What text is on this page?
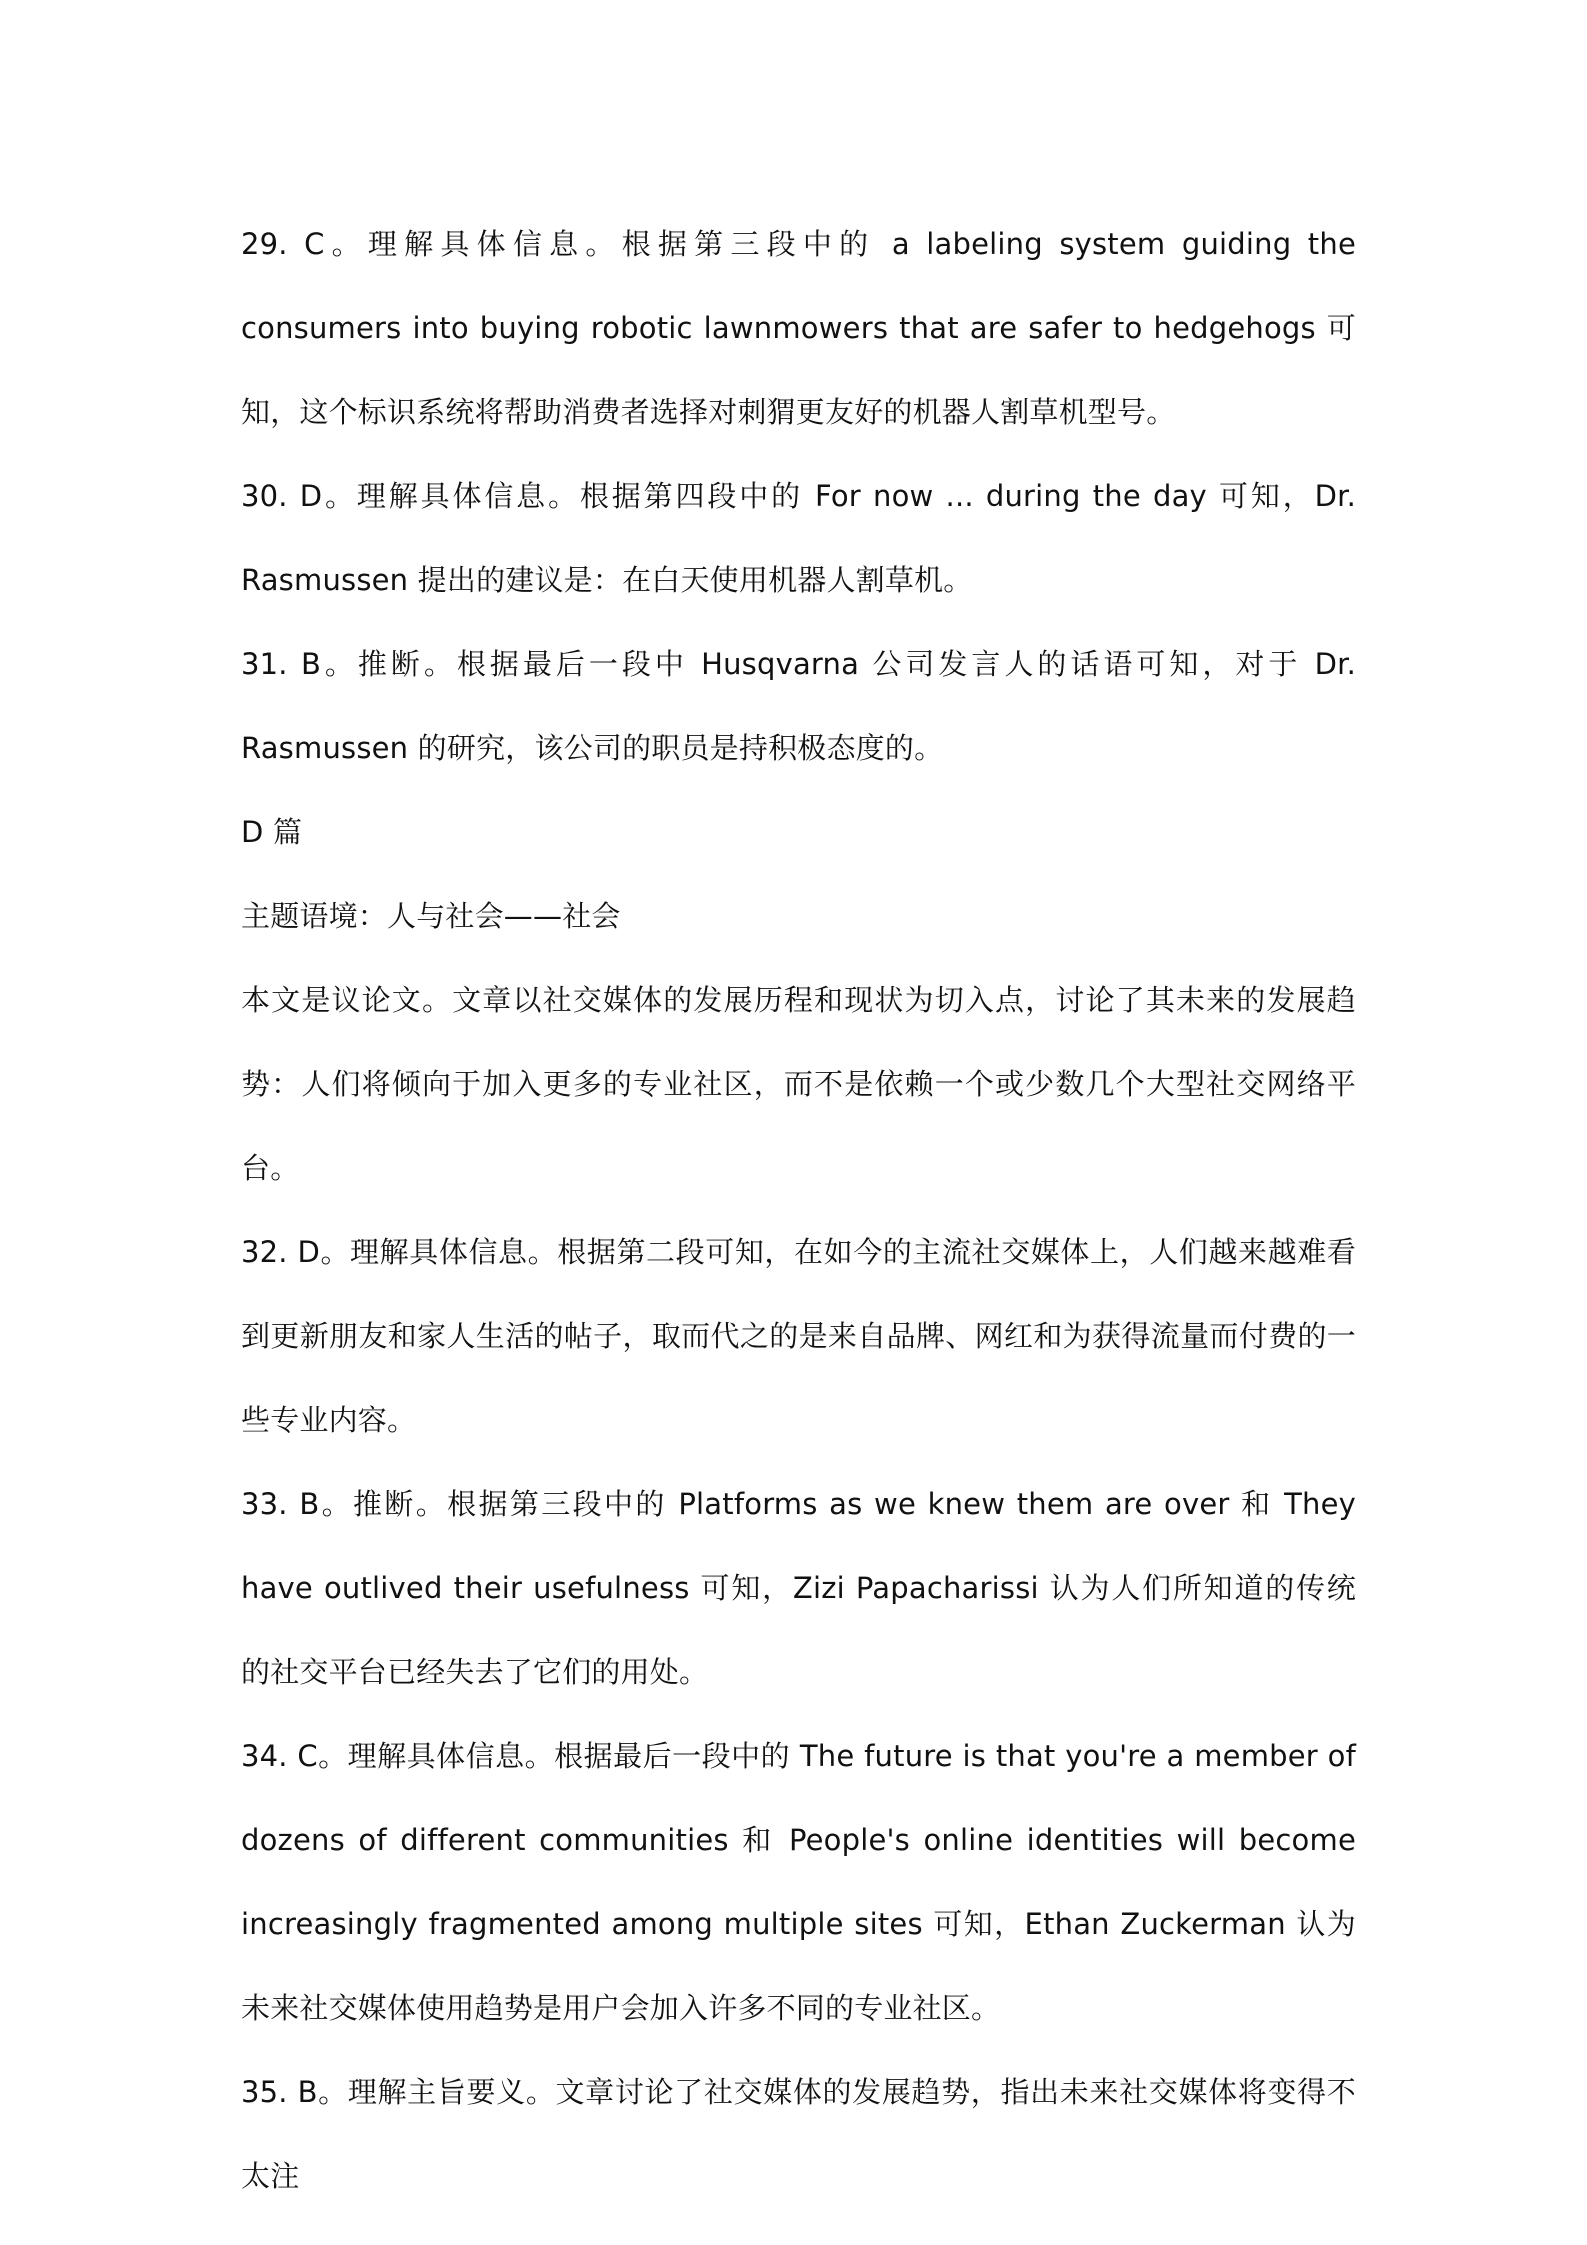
29. C。理解具体信息。根据第三段中的 a labeling system guiding the consumers into buying robotic lawnmowers that are safer to hedgehogs 可知，这个标识系统将帮助消费者选择对刺猬更友好的机器人割草机型号。

30. D。理解具体信息。根据第四段中的 For now ... during the day 可知，Dr. Rasmussen 提出的建议是：在白天使用机器人割草机。

31. B。推断。根据最后一段中 Husqvarna 公司发言人的话语可知，对于 Dr. Rasmussen 的研究，该公司的职员是持积极态度的。

D 篇

主题语境：人与社会——社会

本文是议论文。文章以社交媒体的发展历程和现状为切入点，讨论了其未来的发展趋势：人们将倾向于加入更多的专业社区，而不是依赖一个或少数几个大型社交网络平台。

32. D。理解具体信息。根据第二段可知，在如今的主流社交媒体上，人们越来越难看到更新朋友和家人生活的帖子，取而代之的是来自品牌、网红和为获得流量而付费的一些专业内容。

33. B。推断。根据第三段中的 Platforms as we knew them are over 和 They have outlived their usefulness 可知，Zizi Papacharissi 认为人们所知道的传统的社交平台已经失去了它们的用处。

34. C。理解具体信息。根据最后一段中的 The future is that you're a member of dozens of different communities 和 People's online identities will become increasingly fragmented among multiple sites 可知，Ethan Zuckerman 认为未来社交媒体使用趋势是用户会加入许多不同的专业社区。

35. B。理解主旨要义。文章讨论了社交媒体的发展趋势，指出未来社交媒体将变得不太注
